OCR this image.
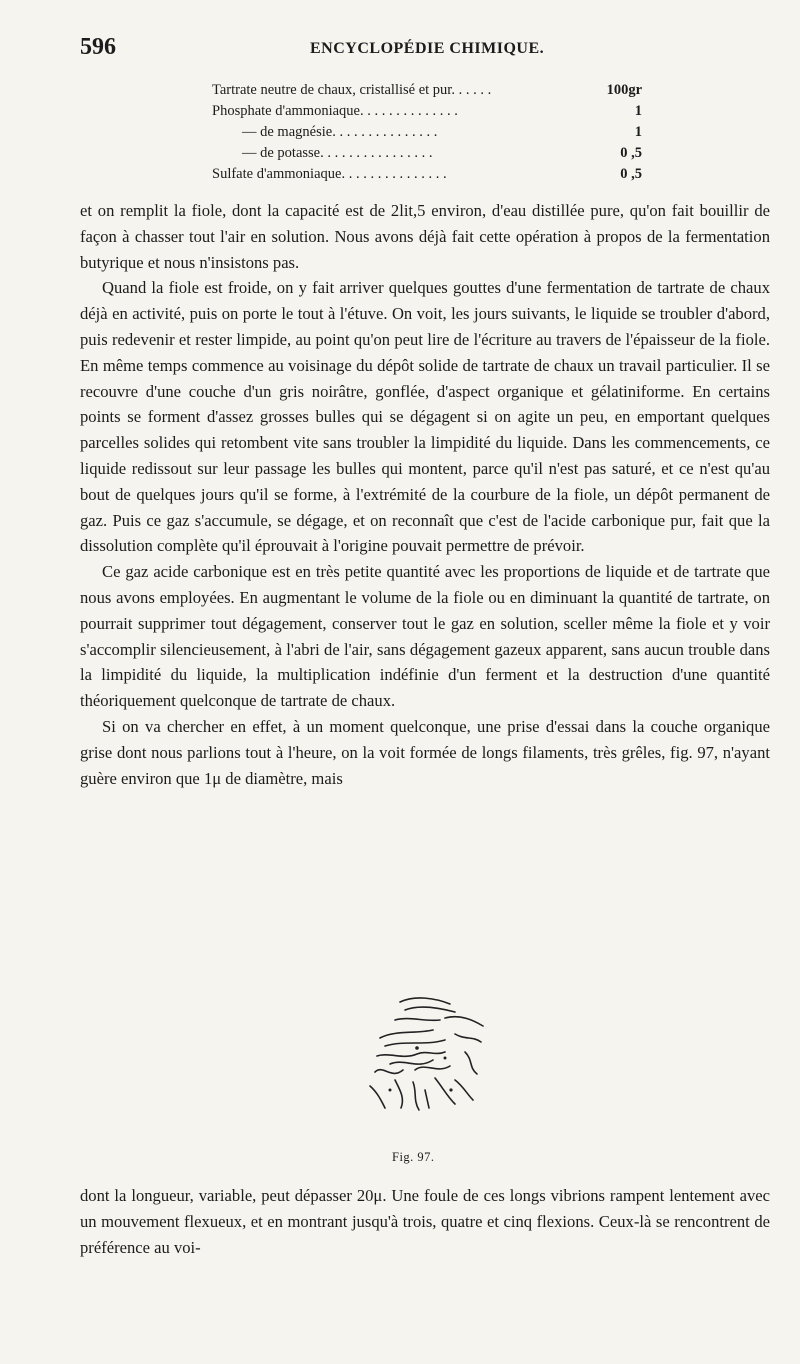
596	ENCYCLOPÉDIE CHIMIQUE.
Tartrate neutre de chaux, cristallisé et pur. . . . . .	100gr
Phosphate d'ammoniaque. . . . . . . . . . . . . .	1
— de magnésie. . . . . . . . . . . . . . .	1
— de potasse. . . . . . . . . . . . . . . .	0 ,5
Sulfate d'ammoniaque. . . . . . . . . . . . . . .	0 ,5

et on remplit la fiole, dont la capacité est de 2lit,5 environ, d'eau distillée pure, qu'on fait bouillir de façon à chasser tout l'air en solution. Nous avons déjà fait cette opération à propos de la fermentation butyrique et nous n'insistons pas.

Quand la fiole est froide, on y fait arriver quelques gouttes d'une fermentation de tartrate de chaux déjà en activité, puis on porte le tout à l'étuve. On voit, les jours suivants, le liquide se troubler d'abord, puis redevenir et rester limpide, au point qu'on peut lire de l'écriture au travers de l'épaisseur de la fiole. En même temps commence au voisinage du dépôt solide de tartrate de chaux un travail particulier. Il se recouvre d'une couche d'un gris noirâtre, gonflée, d'aspect organique et gélatiniforme. En certains points se forment d'assez grosses bulles qui se dégagent si on agite un peu, en emportant quelques parcelles solides qui retombent vite sans troubler la limpidité du liquide. Dans les commencements, ce liquide redissout sur leur passage les bulles qui montent, parce qu'il n'est pas saturé, et ce n'est qu'au bout de quelques jours qu'il se forme, à l'extrémité de la courbure de la fiole, un dépôt permanent de gaz. Puis ce gaz s'accumule, se dégage, et on reconnaît que c'est de l'acide carbonique pur, fait que la dissolution complète qu'il éprouvait à l'origine pouvait permettre de prévoir.

Ce gaz acide carbonique est en très petite quantité avec les proportions de liquide et de tartrate que nous avons employées. En augmentant le volume de la fiole ou en diminuant la quantité de tartrate, on pourrait supprimer tout dégagement, conserver tout le gaz en solution, sceller même la fiole et y voir s'accomplir silencieusement, à l'abri de l'air, sans dégagement gazeux apparent, sans aucun trouble dans la limpidité du liquide, la multiplication indéfinie d'un ferment et la destruction d'une quantité théoriquement quelconque de tartrate de chaux.

Si on va chercher en effet, à un moment quelconque, une prise d'essai dans la couche organique grise dont nous parlions tout à l'heure, on la voit formée de longs filaments, très grêles, fig. 97, n'ayant guère environ que 1μ de diamètre, mais

Fig. 97.

dont la longueur, variable, peut dépasser 20μ. Une foule de ces longs vibrions rampent lentement avec un mouvement flexueux, et en montrant jusqu'à trois, quatre et cinq flexions. Ceux-là se rencontrent de préférence au voi-
